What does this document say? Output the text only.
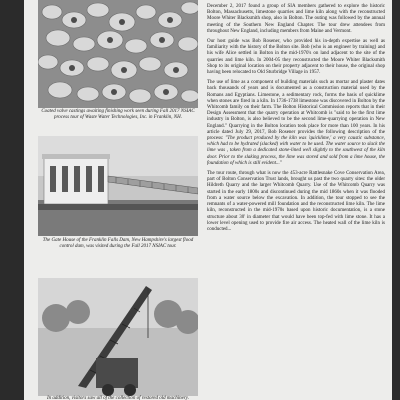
Coated valve castings awaiting finishing work seen during Fall 2017 NSIAC process tour of Waste Water Technologies, Inc. in Franklin, NH.
The Gate House of the Franklin Falls Dam, New Hampshire's largest flood control dam, was visited during the Fall 2017 NSIAC tour.
In addition, visitors saw all of the collection of restored old machinery.

December 2, 2017 found a group of SIA members gathered to explore the historic Bolton, Massachusetts, limestone quarries and lime kiln along with the reconstructed Moore Whiter Blacksmith shop, also in Bolton. The outing was followed by the annual meeting of the Southern New England Chapter. The tour drew attendees from throughout New England, including members from Maine and Vermont.

Our host guide was Bob Rosener, who provided his in-depth expertise as well as familiarity with the history of the Bolton site. Bob (who is an engineer by training) and his wife Alice settled in Bolton in the mid-1970's on land adjacent to the site of the quarries and lime kiln. In 2004-05 they reconstructed the Moore Whiter Blacksmith Shop to its original location on their property adjacent to their house, the original shop having been relocated to Old Sturbridge Village in 1957.

The use of lime as a component of building materials such as mortar and plaster dates back thousands of years and is documented as a construction material used by the Romans and Egyptians. Limestone, a sedimentary rock, forms the basis of quicklime when stones are fired in a kiln. In 1736-1738 limestone was discovered in Bolton by the Whitcomb family on their farm. The Bolton Historical Commission reports that in their Design Assessment that the quarry operation at Whitcomb is "said to be the first lime industry in Bolton, is also believed to be the second lime-quarrying operation in New England." Quarrying in the Bolton location took place for more than 100 years. In his article dated July 29, 2017, Bob Rosener provides the following description of the process: "The product produced by the kiln was 'quicklime,' a very caustic substance, which had to be hydrated (slacked) with water to be used. The water source to slack the lime was , taken from a dedicated stone-lined well slightly to the southwest of the kiln door. Prior to the slaking process, the lime was stored and sold from a lime house, the foundation of which is still evident..."

The tour route, through what is now the 453-acre Rattlesnake Cove Conservation Area, part of Bolton Conservation Trust lands, brought us past the two quarry sites: the older Hildreth Quarry and the larger Whitcomb Quarry. Use of the Whitcomb Quarry was started in the early 1800s and discontinued during the mid 1860s when it was flooded from a water source below the excavation. In addition, the tour stopped to see the remnants of a water-powered mill foundation and the reconstructed lime kiln. The lime kiln, reconstructed in the mid-1970s based upon historic documentation, is a stone structure about 30' in diameter that would have been top-fed with lime stone. It has a lower level opening used to provide fire air access. The heated wall of the lime kiln is conducted...
